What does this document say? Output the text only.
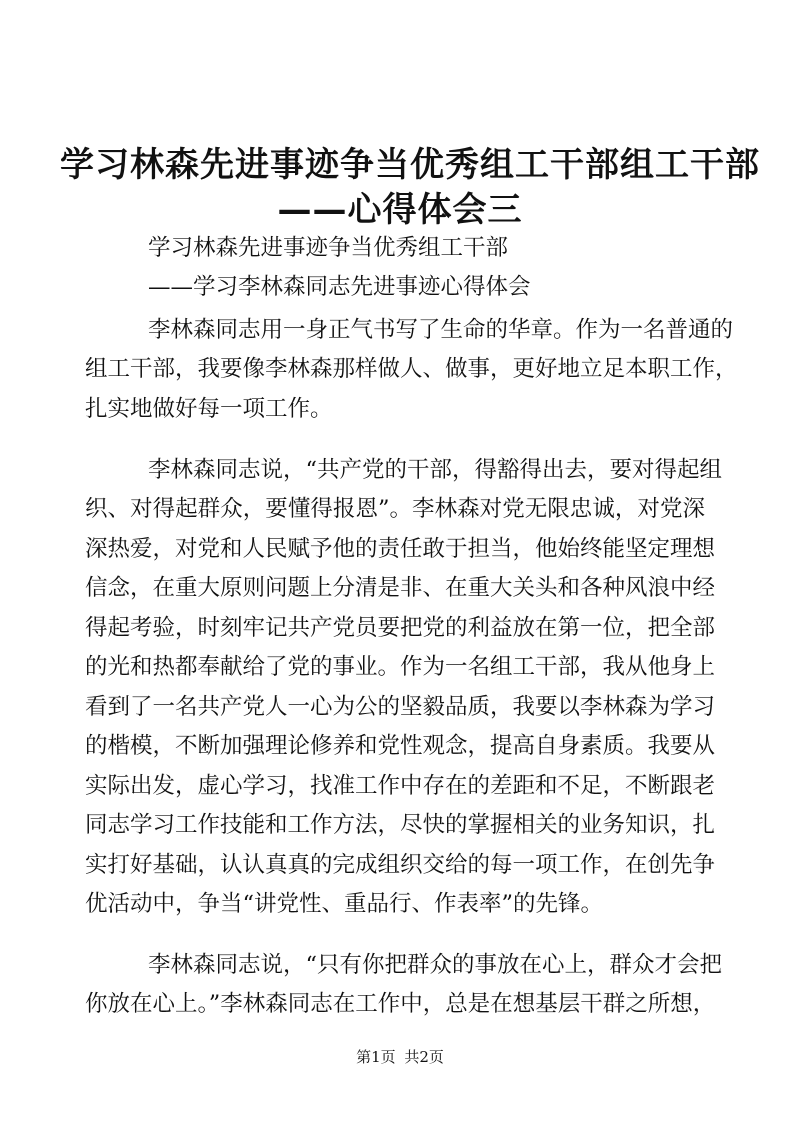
学习林森先进事迹争当优秀组工干部组工干部
——心得体会三
学习林森先进事迹争当优秀组工干部
——学习李林森同志先进事迹心得体会
李林森同志用一身正气书写了生命的华章。作为一名普通的
组工干部，我要像李林森那样做人、做事，更好地立足本职工作，
扎实地做好每一项工作。
李林森同志说，“共产党的干部，得豁得出去，要对得起组
织、对得起群众，要懂得报恩”。李林森对党无限忠诚，对党深
深热爱，对党和人民赋予他的责任敢于担当，他始终能坚定理想
信念，在重大原则问题上分清是非、在重大关头和各种风浪中经
得起考验，时刻牢记共产党员要把党的利益放在第一位，把全部
的光和热都奉献给了党的事业。作为一名组工干部，我从他身上
看到了一名共产党人一心为公的坚毅品质，我要以李林森为学习
的楷模，不断加强理论修养和党性观念，提高自身素质。我要从
实际出发，虚心学习，找准工作中存在的差距和不足，不断跟老
同志学习工作技能和工作方法，尽快的掌握相关的业务知识，扎
实打好基础，认认真真的完成组织交给的每一项工作，在创先争
优活动中，争当“讲党性、重品行、作表率”的先锋。
李林森同志说，“只有你把群众的事放在心上，群众才会把
你放在心上。”李林森同志在工作中，总是在想基层干群之所想，
第1页 共2页
